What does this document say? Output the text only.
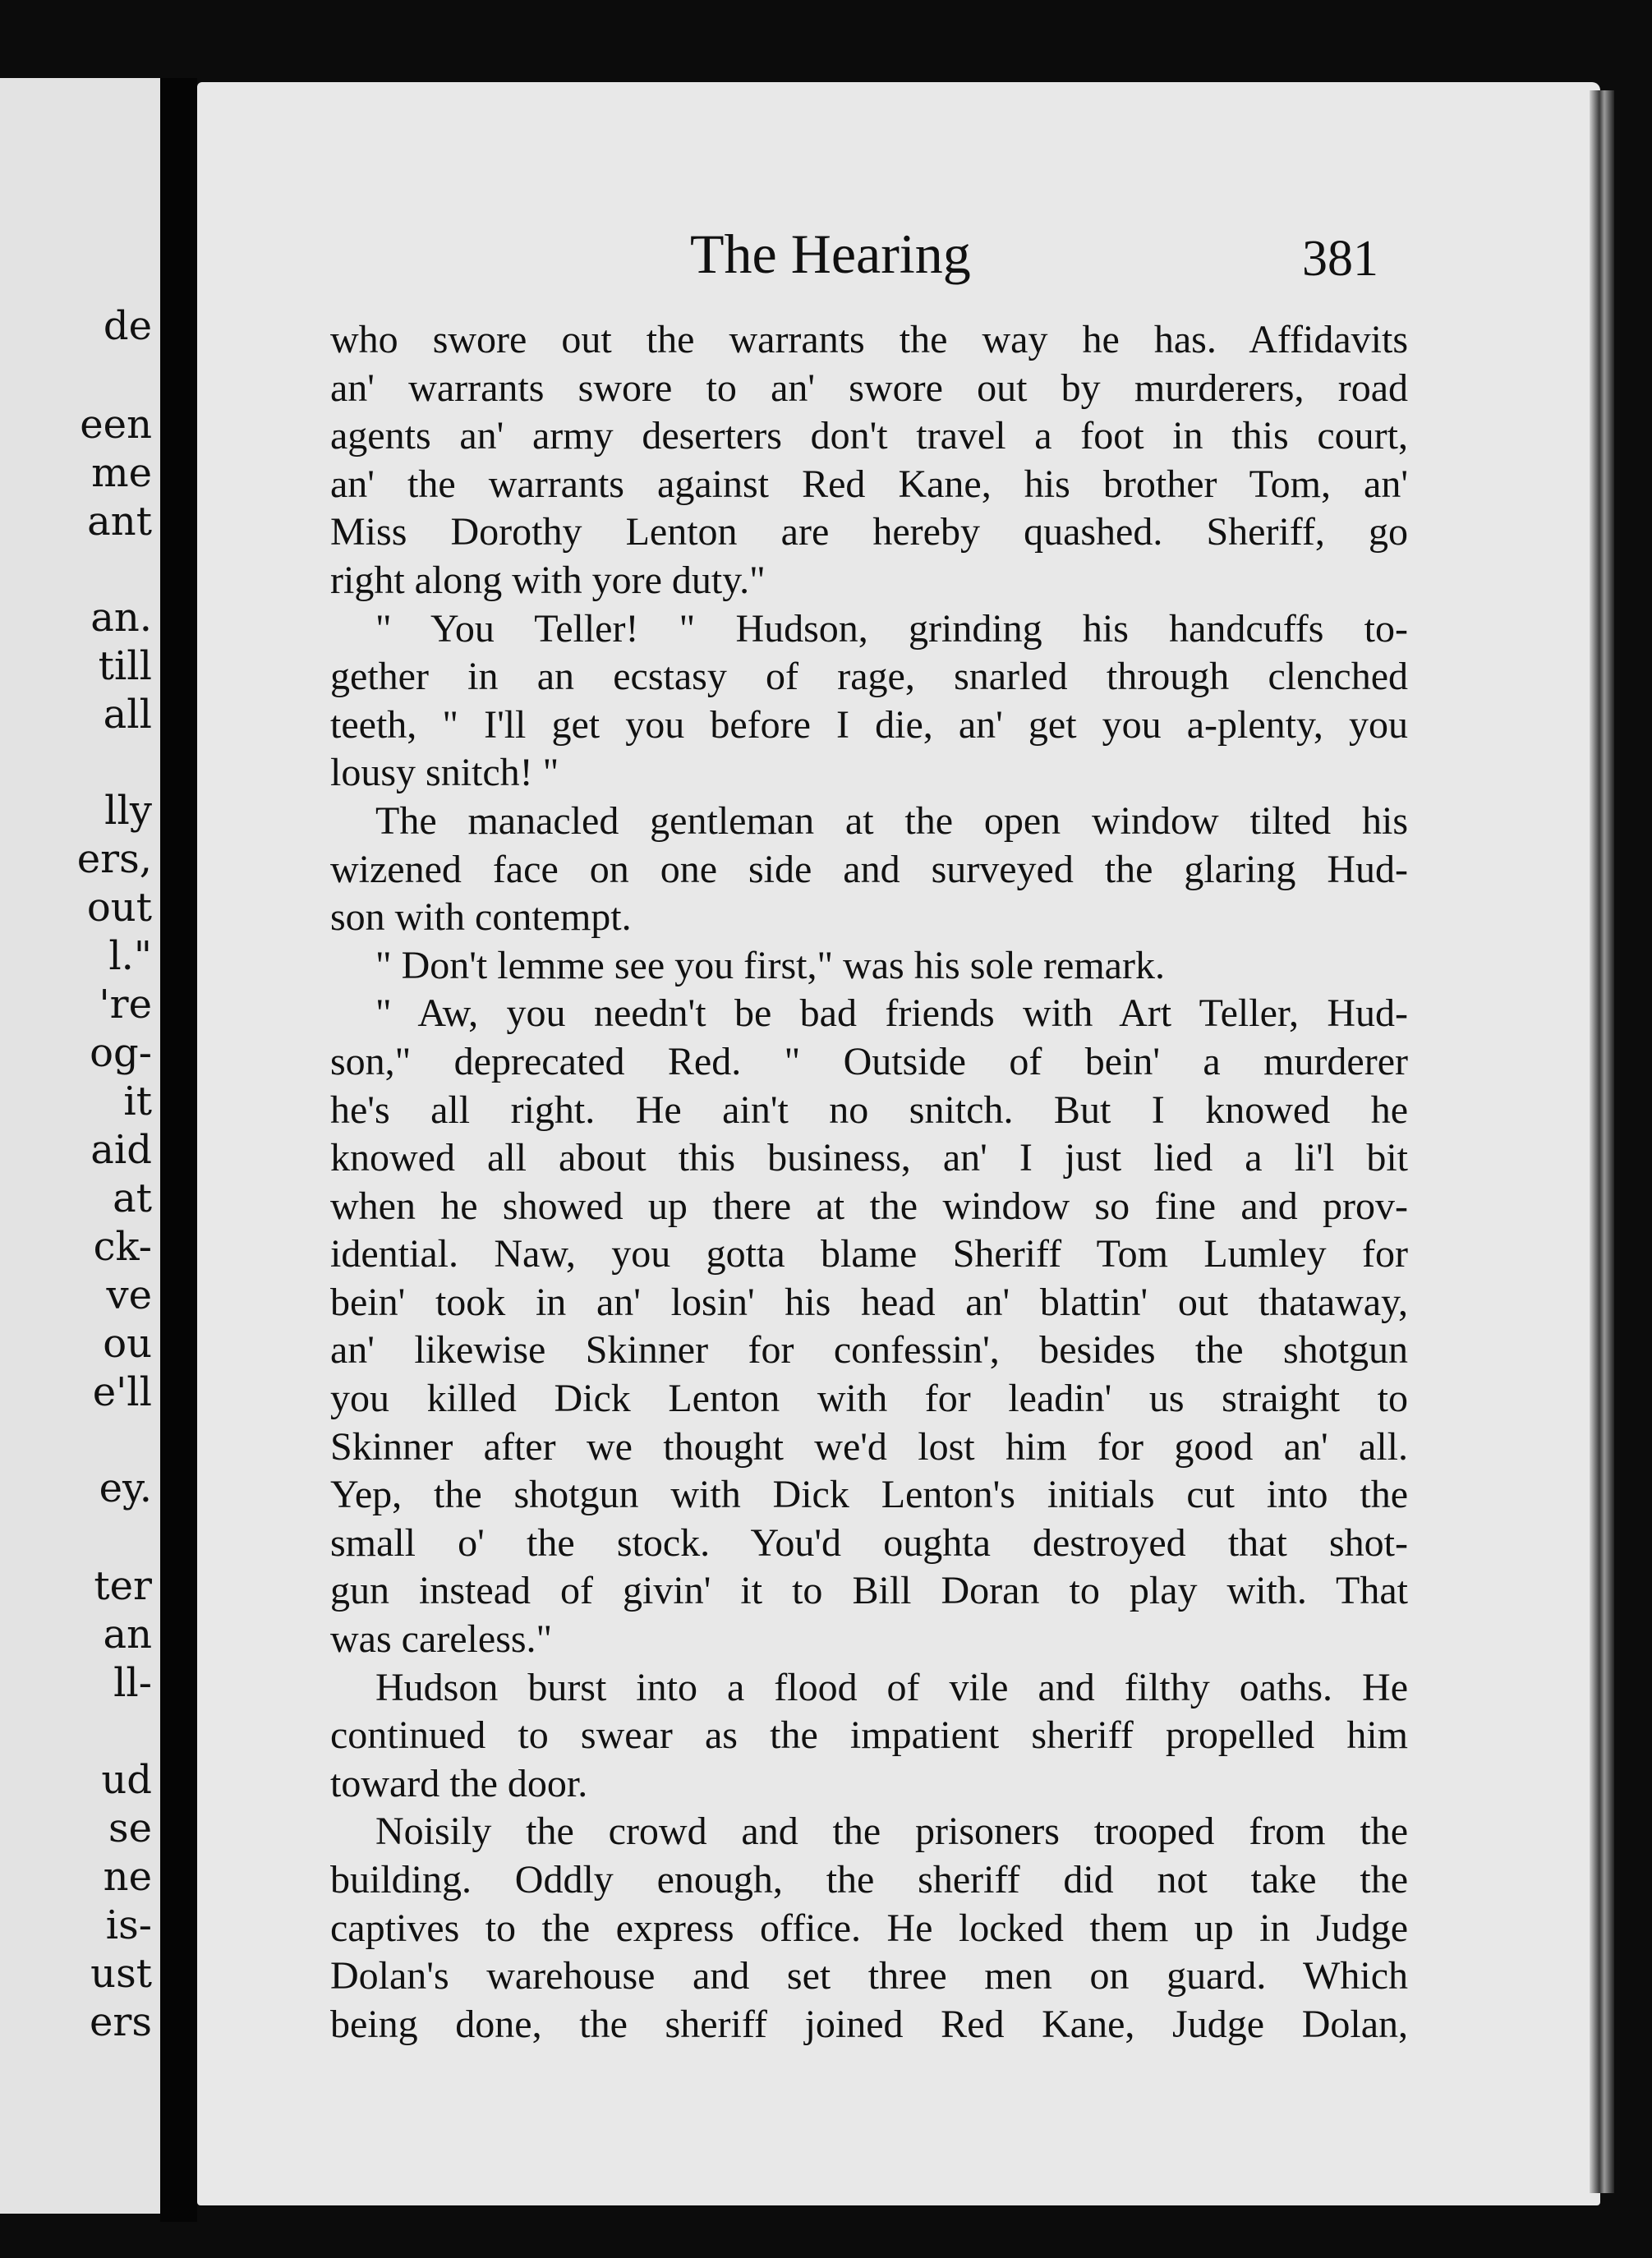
de
een
me
ant
an.
till
all
lly
ers,
out
l."
're
og-
it
aid
at
ck-
ve
ou
e'll
ey.
ter
an
ll-
ud
se
ne
is-
ust
ers
The Hearing	381
who swore out the warrants the way he has. Affidavits
an' warrants swore to an' swore out by murderers, road
agents an' army deserters don't travel a foot in this court,
an' the warrants against Red Kane, his brother Tom, an'
Miss Dorothy Lenton are hereby quashed. Sheriff, go
right along with yore duty."
" You Teller! " Hudson, grinding his handcuffs to-
gether in an ecstasy of rage, snarled through clenched
teeth, " I'll get you before I die, an' get you a-plenty, you
lousy snitch! "
The manacled gentleman at the open window tilted his
wizened face on one side and surveyed the glaring Hud-
son with contempt.
" Don't lemme see you first," was his sole remark.
" Aw, you needn't be bad friends with Art Teller, Hud-
son," deprecated Red. " Outside of bein' a murderer
he's all right. He ain't no snitch. But I knowed he
knowed all about this business, an' I just lied a li'l bit
when he showed up there at the window so fine and prov-
idential. Naw, you gotta blame Sheriff Tom Lumley for
bein' took in an' losin' his head an' blattin' out thataway,
an' likewise Skinner for confessin', besides the shotgun
you killed Dick Lenton with for leadin' us straight to
Skinner after we thought we'd lost him for good an' all.
Yep, the shotgun with Dick Lenton's initials cut into the
small o' the stock. You'd oughta destroyed that shot-
gun instead of givin' it to Bill Doran to play with. That
was careless."
Hudson burst into a flood of vile and filthy oaths. He
continued to swear as the impatient sheriff propelled him
toward the door.
Noisily the crowd and the prisoners trooped from the
building. Oddly enough, the sheriff did not take the
captives to the express office. He locked them up in Judge
Dolan's warehouse and set three men on guard. Which
being done, the sheriff joined Red Kane, Judge Dolan,
